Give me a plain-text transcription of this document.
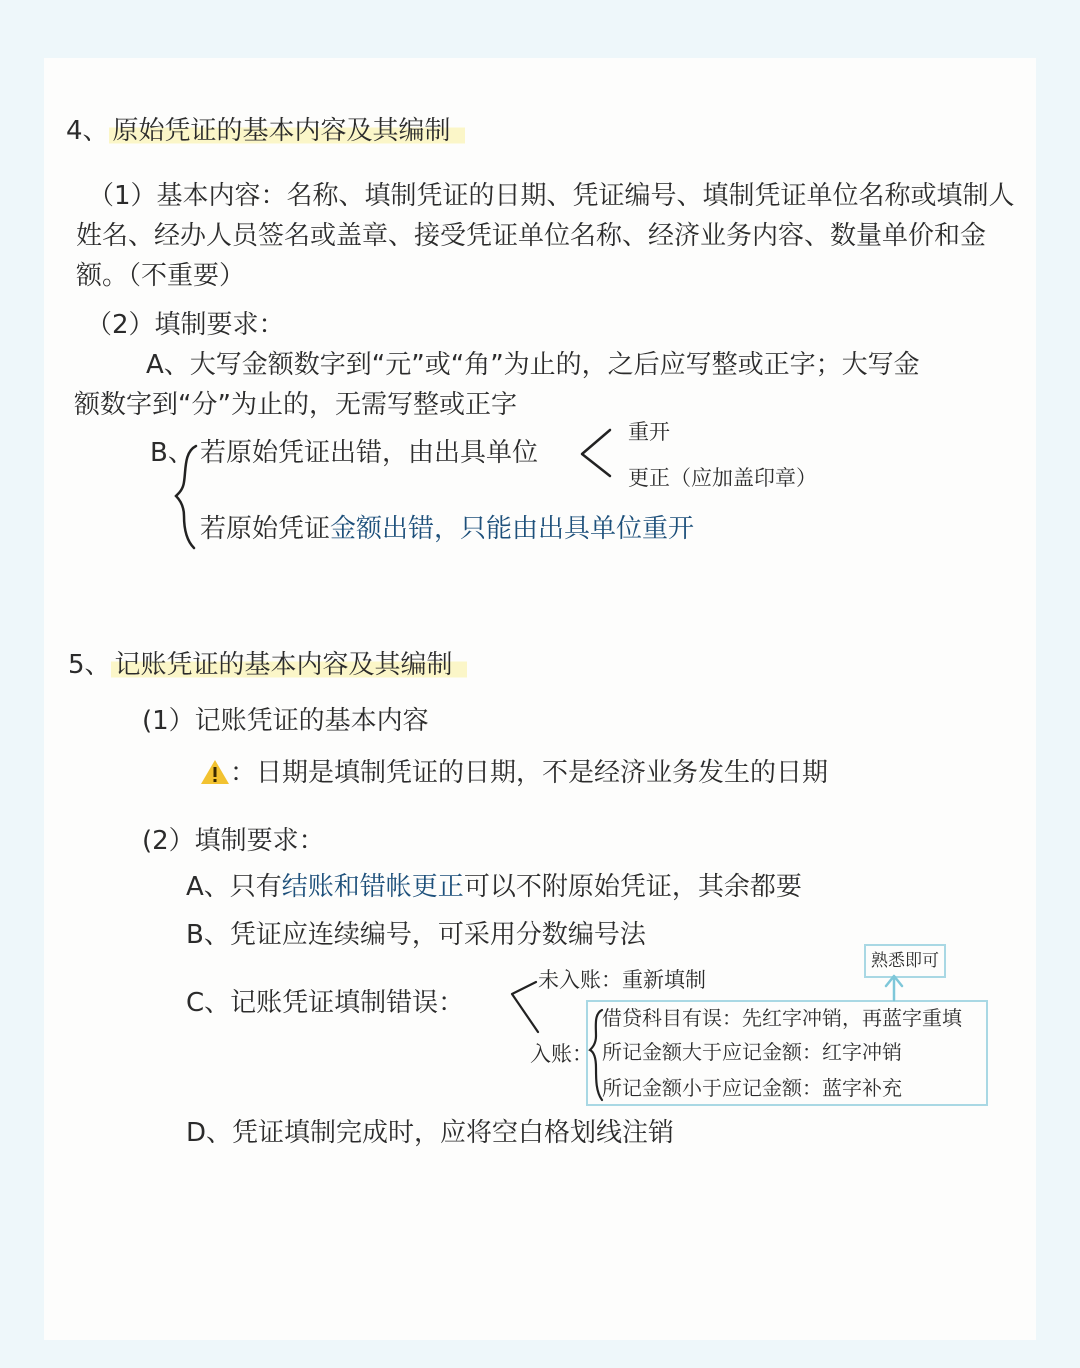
4、 原始凭证的基本内容及其编制
（1）基本内容：名称、填制凭证的日期、凭证编号、填制凭证单位名称或填制人姓名、经办人员签名或盖章、接受凭证单位名称、经济业务内容、数量单价和金额。（不重要）
（2）填制要求：
A、大写金额数字到“元”或“角”为止的，之后应写整或正字；大写金
额数字到“分”为止的，无需写整或正字
B、 若原始凭证出错，由出具单位
重开
更正（应加盖印章）
若原始凭证金额出错，只能由出具单位重开
5、 记账凭证的基本内容及其编制
(1）记账凭证的基本内容
：日期是填制凭证的日期，不是经济业务发生的日期
(2）填制要求：
A、只有结账和错帐更正可以不附原始凭证，其余都要
B、凭证应连续编号，可采用分数编号法
C、记账凭证填制错误：
未入账：重新填制
入账：
借贷科目有误：先红字冲销，再蓝字重填
所记金额大于应记金额：红字冲销
所记金额小于应记金额：蓝字补充
熟悉即可
D、凭证填制完成时，应将空白格划线注销
